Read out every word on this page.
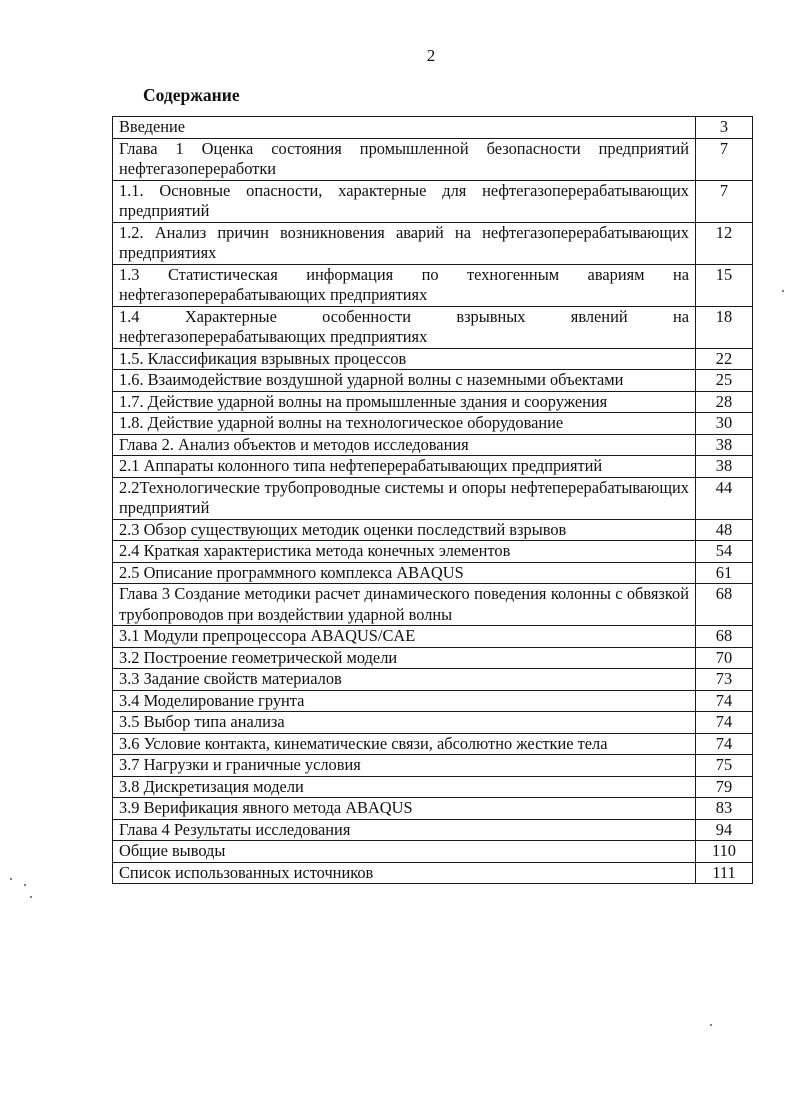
2
Содержание
Введение	3
Глава 1 Оценка состояния промышленной безопасности предприятий нефтегазопереработки	7
1.1. Основные опасности, характерные для нефтегазоперерабатывающих предприятий	7
1.2. Анализ причин возникновения аварий на нефтегазоперерабатывающих предприятиях	12
1.3 Статистическая информация по техногенным авариям на нефтегазоперерабатывающих предприятиях	15
1.4 Характерные особенности взрывных явлений на нефтегазоперерабатывающих предприятиях	18
1.5. Классификация взрывных процессов	22
1.6. Взаимодействие воздушной ударной волны с наземными объектами	25
1.7. Действие ударной волны на промышленные здания и сооружения	28
1.8. Действие ударной волны на технологическое оборудование	30
Глава 2. Анализ объектов и методов исследования	38
2.1 Аппараты колонного типа нефтеперерабатывающих предприятий	38
2.2Технологические трубопроводные системы и опоры нефтеперерабатывающих предприятий	44
2.3 Обзор существующих методик оценки последствий взрывов	48
2.4 Краткая характеристика метода конечных элементов	54
2.5 Описание программного комплекса ABAQUS	61
Глава 3 Создание методики расчет динамического поведения колонны с обвязкой трубопроводов при воздействии ударной волны	68
3.1 Модули препроцессора ABAQUS/CAE	68
3.2 Построение геометрической модели	70
3.3 Задание свойств материалов	73
3.4 Моделирование грунта	74
3.5 Выбор типа анализа	74
3.6 Условие контакта, кинематические связи, абсолютно жесткие тела	74
3.7 Нагрузки и граничные условия	75
3.8 Дискретизация модели	79
3.9 Верификация явного метода ABAQUS	83
Глава 4 Результаты исследования	94
Общие выводы	110
Список использованных источников	111
